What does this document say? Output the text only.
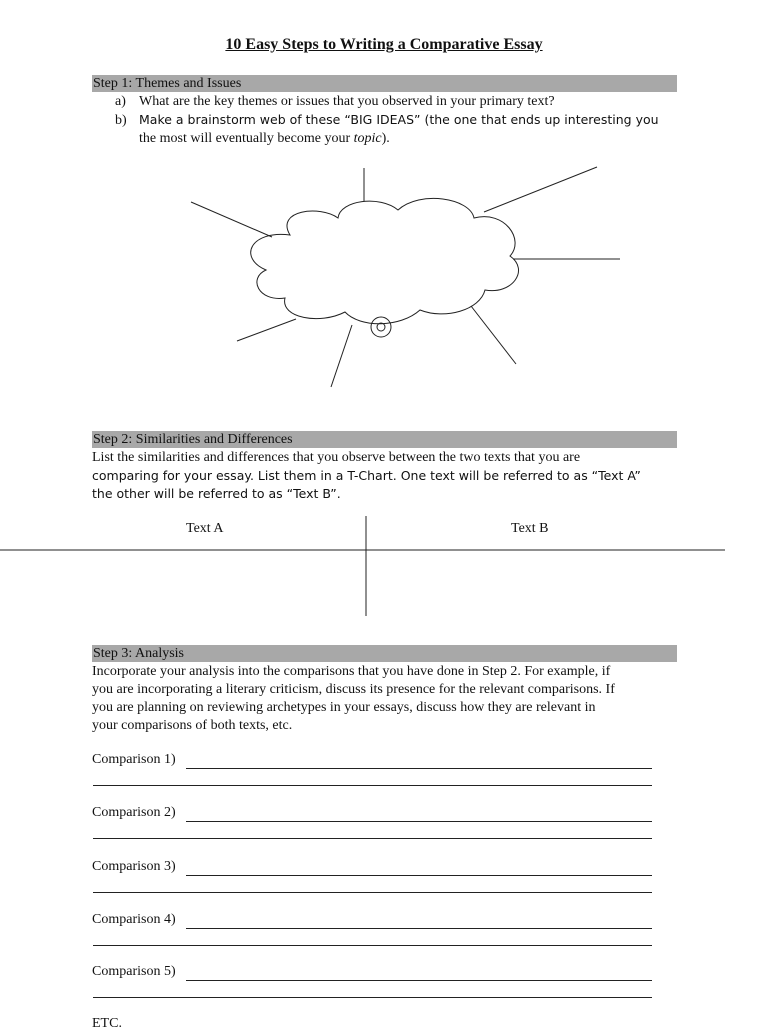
10 Easy Steps to Writing a Comparative Essay
Step 1: Themes and Issues
a) What are the key themes or issues that you observed in your primary text?
b) Make a brainstorm web of these “BIG IDEAS” (the one that ends up interesting you
the most will eventually become your topic).
Step 2: Similarities and Differences
List the similarities and differences that you observe between the two texts that you are
comparing for your essay. List them in a T-Chart. One text will be referred to as “Text A”
the other will be referred to as “Text B”.
Text A	Text B
Step 3: Analysis
Incorporate your analysis into the comparisons that you have done in Step 2. For example, if
you are incorporating a literary criticism, discuss its presence for the relevant comparisons. If
you are planning on reviewing archetypes in your essays, discuss how they are relevant in
your comparisons of both texts, etc.
Comparison 1)
Comparison 2)
Comparison 3)
Comparison 4)
Comparison 5)
ETC.
